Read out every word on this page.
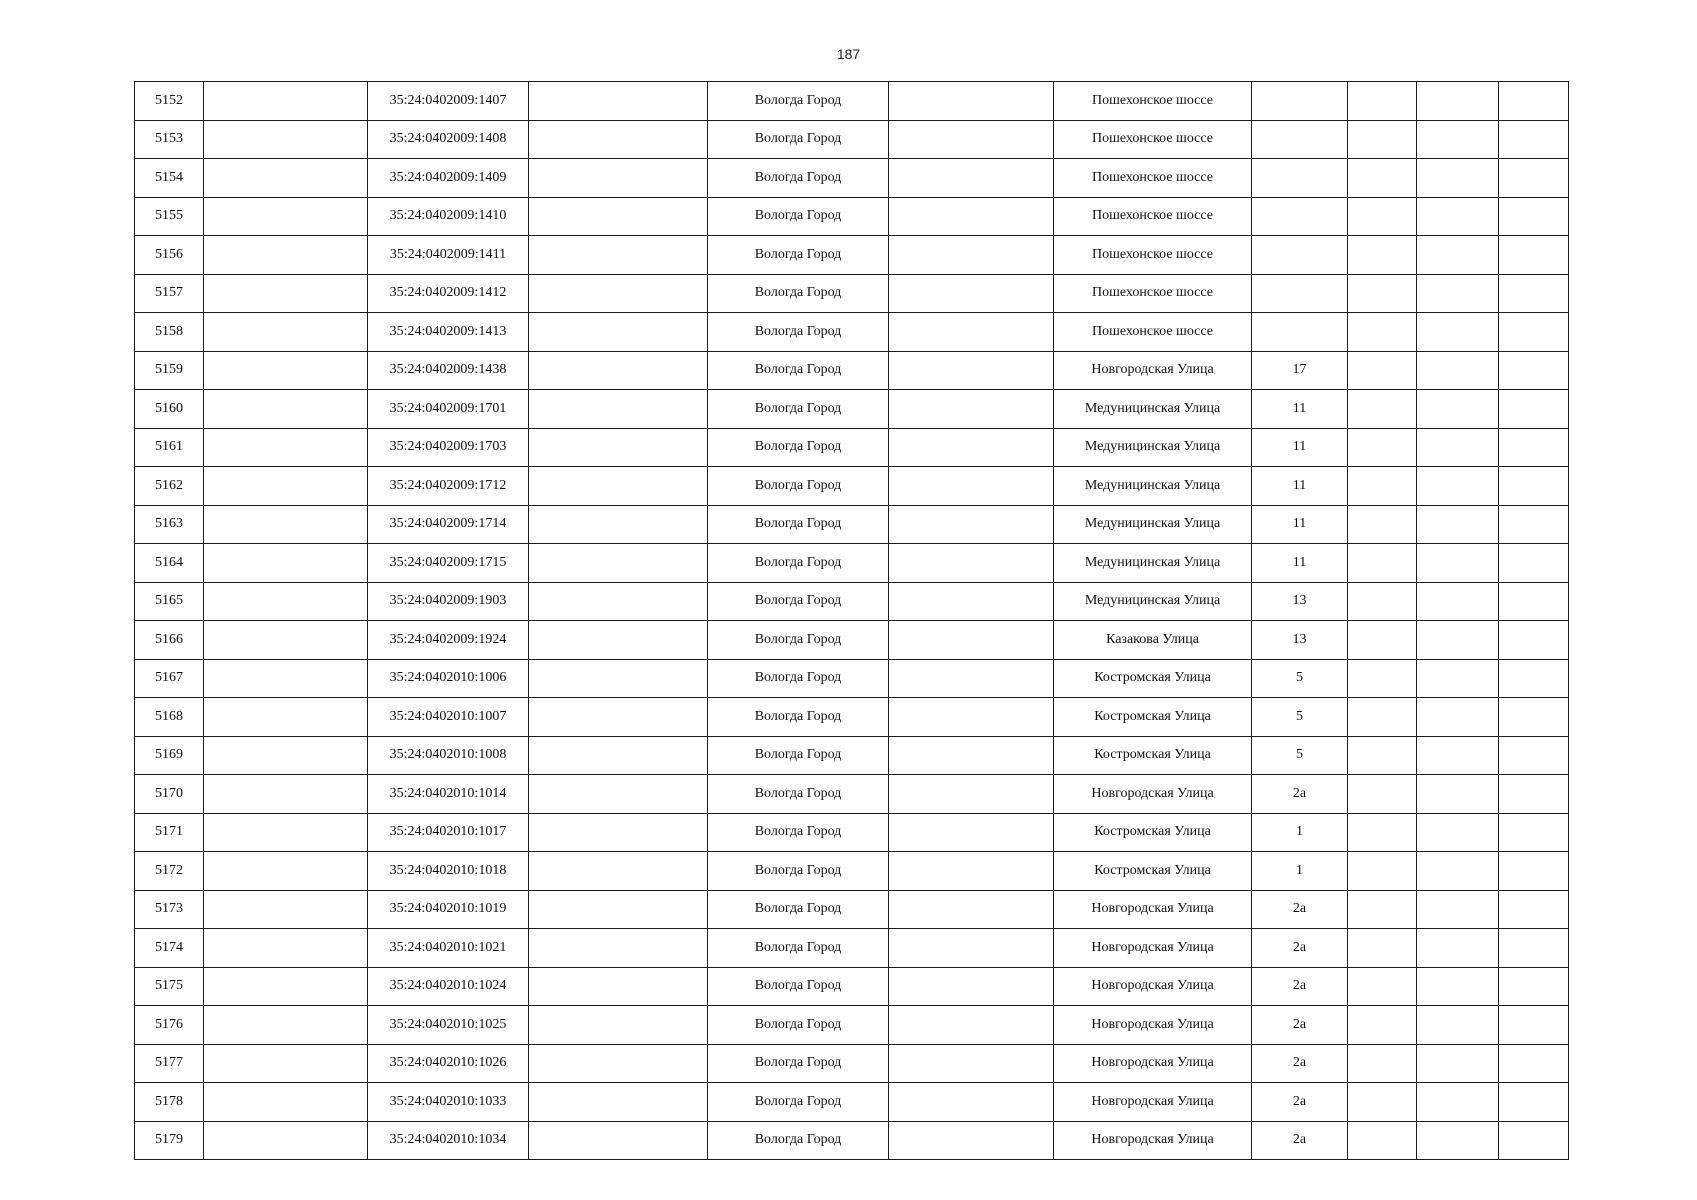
187
5152		35:24:0402009:1407		Вологда Город		Пошехонское шоссе				
5153		35:24:0402009:1408		Вологда Город		Пошехонское шоссе				
5154		35:24:0402009:1409		Вологда Город		Пошехонское шоссе				
5155		35:24:0402009:1410		Вологда Город		Пошехонское шоссе				
5156		35:24:0402009:1411		Вологда Город		Пошехонское шоссе				
5157		35:24:0402009:1412		Вологда Город		Пошехонское шоссе				
5158		35:24:0402009:1413		Вологда Город		Пошехонское шоссе				
5159		35:24:0402009:1438		Вологда Город		Новгородская Улица	17			
5160		35:24:0402009:1701		Вологда Город		Медуницинская Улица	11			
5161		35:24:0402009:1703		Вологда Город		Медуницинская Улица	11			
5162		35:24:0402009:1712		Вологда Город		Медуницинская Улица	11			
5163		35:24:0402009:1714		Вологда Город		Медуницинская Улица	11			
5164		35:24:0402009:1715		Вологда Город		Медуницинская Улица	11			
5165		35:24:0402009:1903		Вологда Город		Медуницинская Улица	13			
5166		35:24:0402009:1924		Вологда Город		Казакова Улица	13			
5167		35:24:0402010:1006		Вологда Город		Костромская Улица	5			
5168		35:24:0402010:1007		Вологда Город		Костромская Улица	5			
5169		35:24:0402010:1008		Вологда Город		Костромская Улица	5			
5170		35:24:0402010:1014		Вологда Город		Новгородская Улица	2а			
5171		35:24:0402010:1017		Вологда Город		Костромская Улица	1			
5172		35:24:0402010:1018		Вологда Город		Костромская Улица	1			
5173		35:24:0402010:1019		Вологда Город		Новгородская Улица	2а			
5174		35:24:0402010:1021		Вологда Город		Новгородская Улица	2а			
5175		35:24:0402010:1024		Вологда Город		Новгородская Улица	2а			
5176		35:24:0402010:1025		Вологда Город		Новгородская Улица	2а			
5177		35:24:0402010:1026		Вологда Город		Новгородская Улица	2а			
5178		35:24:0402010:1033		Вологда Город		Новгородская Улица	2а			
5179		35:24:0402010:1034		Вологда Город		Новгородская Улица	2а			
